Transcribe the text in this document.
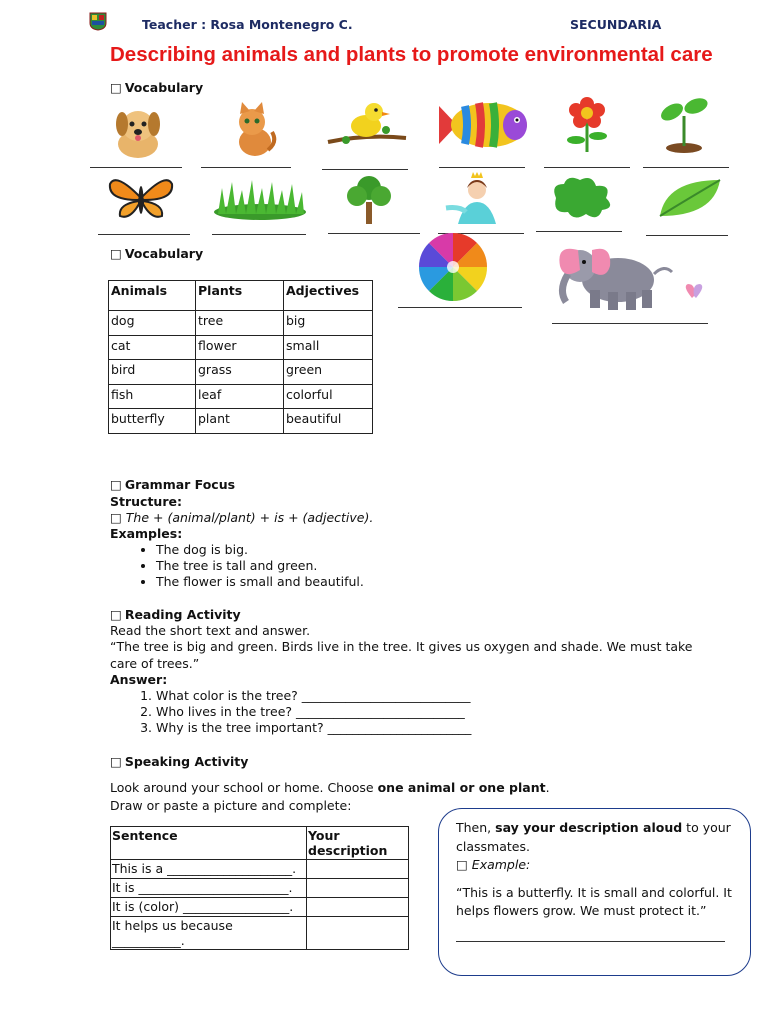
Teacher : Rosa Montenegro C.	SECUNDARIA
Describing animals and plants to promote environmental care
□ Vocabulary
□ Vocabulary
Animals	Plants	Adjectives
dog	tree	big
cat	flower	small
bird	grass	green
fish	leaf	colorful
butterfly	plant	beautiful
□ Grammar Focus
Structure:
□ The + (animal/plant) + is + (adjective).
Examples:
• The dog is big.
• The tree is tall and green.
• The flower is small and beautiful.
□ Reading Activity
Read the short text and answer.
“The tree is big and green. Birds live in the tree. It gives us oxygen and shade. We must take
care of trees.”
Answer:
1. What color is the tree? ___________________________
2. Who lives in the tree? ___________________________
3. Why is the tree important? _______________________
□ Speaking Activity
Look around your school or home. Choose one animal or one plant.
Draw or paste a picture and complete:
Sentence	Your description
This is a ____________________.	
It is ________________________.	
It is (color) _________________.	
It helps us because ___________.	
Then, say your description aloud to your classmates.
□ Example:
“This is a butterfly. It is small and colorful. It helps flowers grow. We must protect it.”
